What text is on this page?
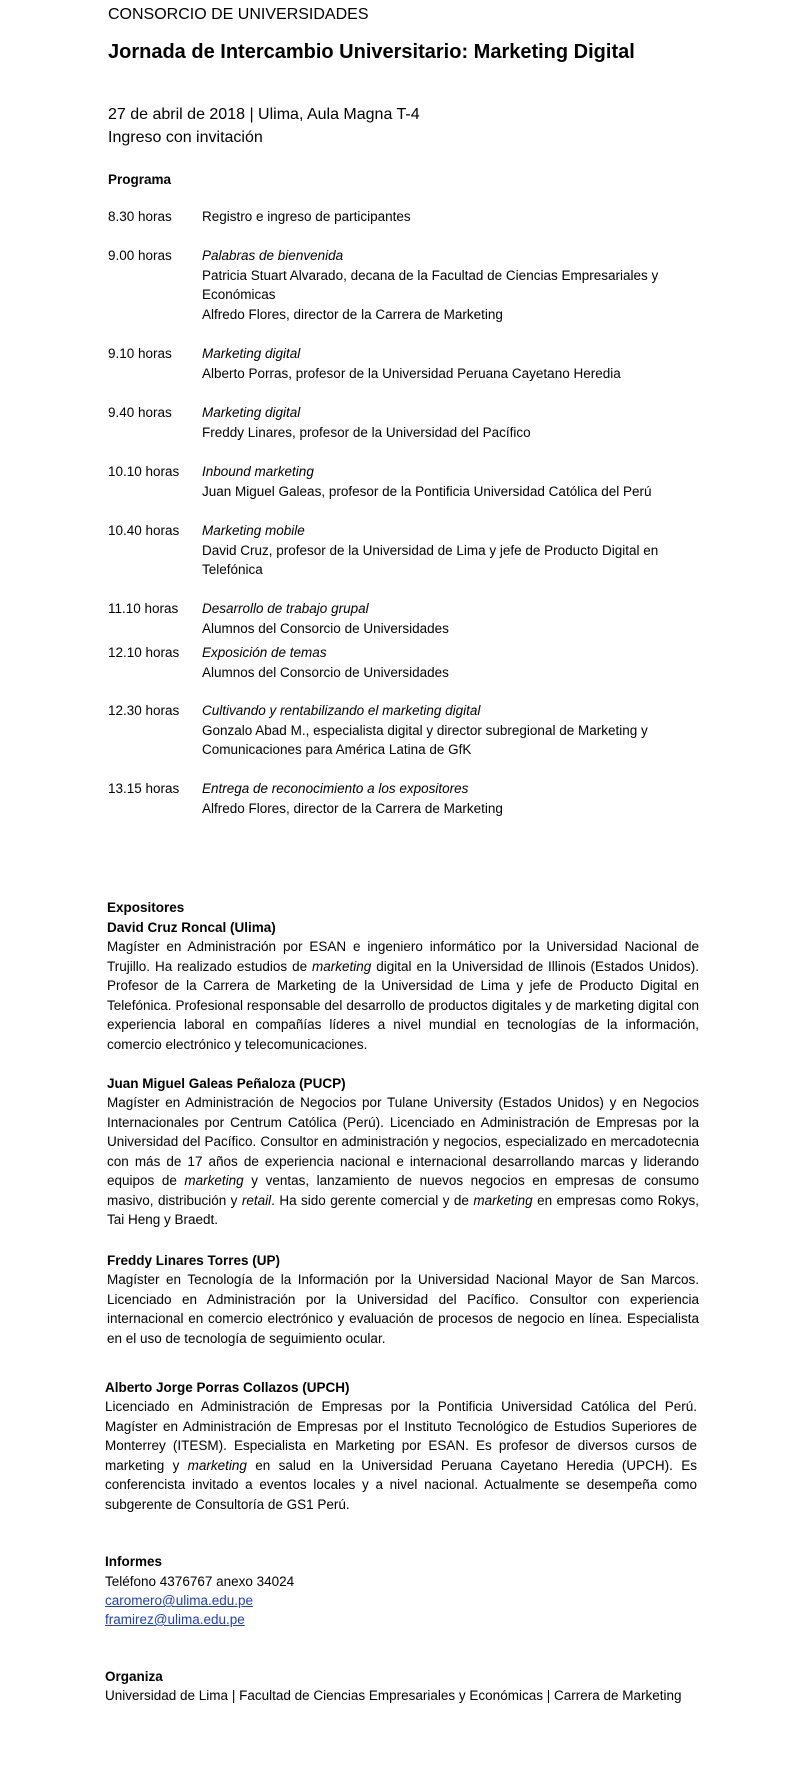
CONSORCIO DE UNIVERSIDADES
Jornada de Intercambio Universitario: Marketing Digital
27 de abril de 2018 | Ulima, Aula Magna T-4
Ingreso con invitación
Programa
8.30 horas	Registro e ingreso de participantes
9.00 horas	Palabras de bienvenida
Patricia Stuart Alvarado, decana de la Facultad de Ciencias Empresariales y Económicas
Alfredo Flores, director de la Carrera de Marketing
9.10 horas	Marketing digital
Alberto Porras, profesor de la Universidad Peruana Cayetano Heredia
9.40 horas	Marketing digital
Freddy Linares, profesor de la Universidad del Pacífico
10.10 horas	Inbound marketing
Juan Miguel Galeas, profesor de la Pontificia Universidad Católica del Perú
10.40 horas	Marketing mobile
David Cruz, profesor de la Universidad de Lima y jefe de Producto Digital en Telefónica
11.10 horas	Desarrollo de trabajo grupal
Alumnos del Consorcio de Universidades
12.10 horas	Exposición de temas
Alumnos del Consorcio de Universidades
12.30 horas	Cultivando y rentabilizando el marketing digital
Gonzalo Abad M., especialista digital y director subregional de Marketing y Comunicaciones para América Latina de GfK
13.15 horas	Entrega de reconocimiento a los expositores
Alfredo Flores, director de la Carrera de Marketing
Expositores
David Cruz Roncal (Ulima)

Magíster en Administración por ESAN e ingeniero informático por la Universidad Nacional de Trujillo. Ha realizado estudios de marketing digital en la Universidad de Illinois (Estados Unidos). Profesor de la Carrera de Marketing de la Universidad de Lima y jefe de Producto Digital en Telefónica. Profesional responsable del desarrollo de productos digitales y de marketing digital con experiencia laboral en compañías líderes a nivel mundial en tecnologías de la información, comercio electrónico y telecomunicaciones.

Juan Miguel Galeas Peñaloza (PUCP)

Magíster en Administración de Negocios por Tulane University (Estados Unidos) y en Negocios Internacionales por Centrum Católica (Perú). Licenciado en Administración de Empresas por la Universidad del Pacífico. Consultor en administración y negocios, especializado en mercadotecnia con más de 17 años de experiencia nacional e internacional desarrollando marcas y liderando equipos de marketing y ventas, lanzamiento de nuevos negocios en empresas de consumo masivo, distribución y retail. Ha sido gerente comercial y de marketing en empresas como Rokys, Tai Heng y Braedt.

Freddy Linares Torres (UP)

Magíster en Tecnología de la Información por la Universidad Nacional Mayor de San Marcos. Licenciado en Administración por la Universidad del Pacífico. Consultor con experiencia internacional en comercio electrónico y evaluación de procesos de negocio en línea. Especialista en el uso de tecnología de seguimiento ocular.

Alberto Jorge Porras Collazos (UPCH)

Licenciado en Administración de Empresas por la Pontificia Universidad Católica del Perú. Magíster en Administración de Empresas por el Instituto Tecnológico de Estudios Superiores de Monterrey (ITESM). Especialista en Marketing por ESAN. Es profesor de diversos cursos de marketing y marketing en salud en la Universidad Peruana Cayetano Heredia (UPCH). Es conferencista invitado a eventos locales y a nivel nacional. Actualmente se desempeña como subgerente de Consultoría de GS1 Perú.

Informes
Teléfono 4376767 anexo 34024
caromero@ulima.edu.pe
framirez@ulima.edu.pe
Organiza
Universidad de Lima | Facultad de Ciencias Empresariales y Económicas | Carrera de Marketing
